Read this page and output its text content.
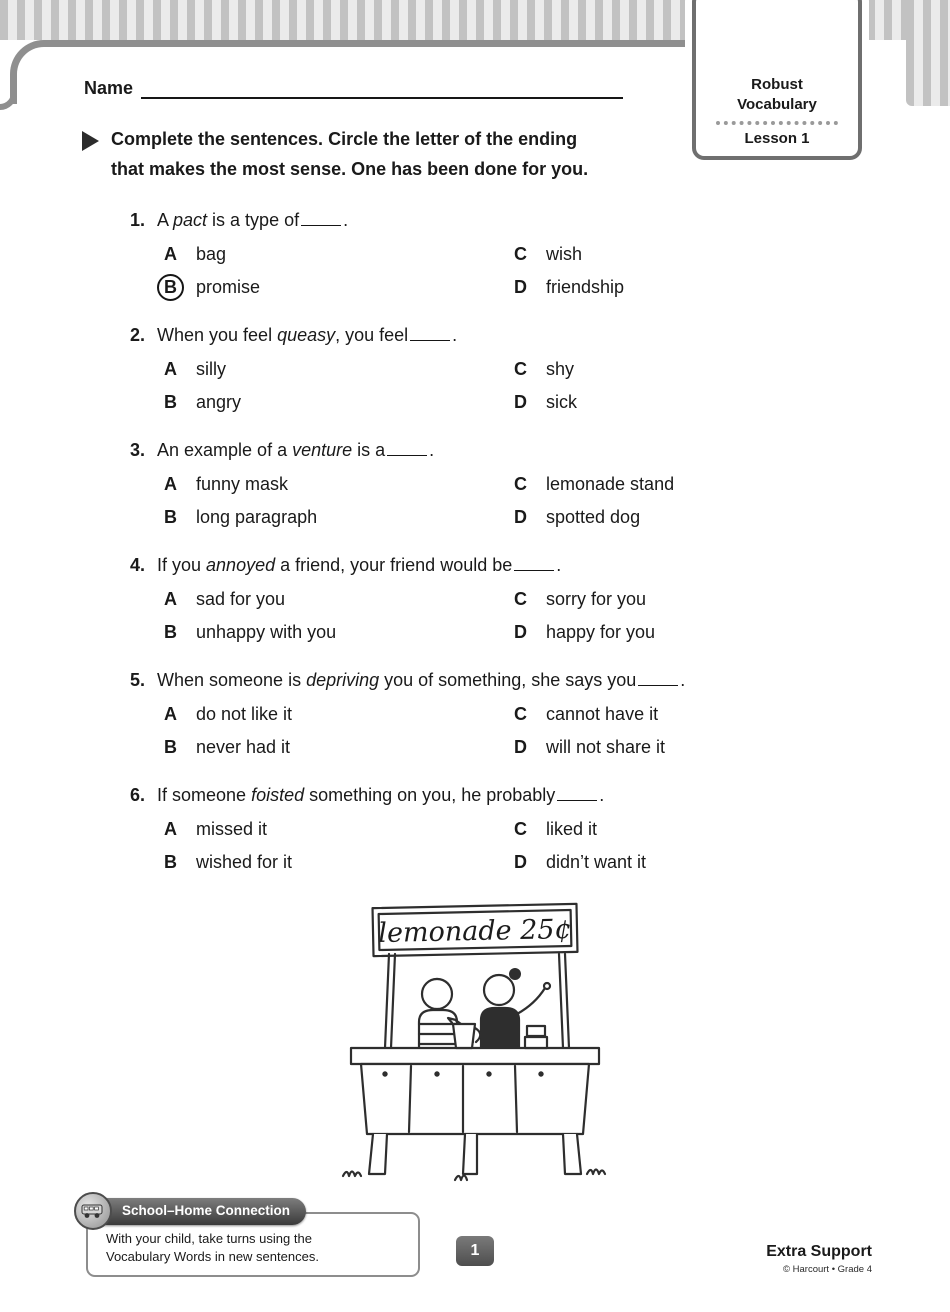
Robust
Vocabulary
Lesson 1
Name
Complete the sentences. Circle the letter of the ending
that makes the most sense. One has been done for you.
1. A pact is a type of .
A	bag	C	wish
B	promise	D	friendship
2. When you feel queasy, you feel .
A	silly	C	shy
B	angry	D	sick
3. An example of a venture is a .
A	funny mask	C	lemonade stand
B	long paragraph	D	spotted dog
4. If you annoyed a friend, your friend would be .
A	sad for you	C	sorry for you
B	unhappy with you	D	happy for you
5. When someone is depriving you of something, she says you .
A	do not like it	C	cannot have it
B	never had it	D	will not share it
6. If someone foisted something on you, he probably .
A	missed it	C	liked it
B	wished for it	D	didn’t want it
lemonade 25¢
School–Home Connection
With your child, take turns using the Vocabulary Words in new sentences.	1	Extra Support
© Harcourt • Grade 4
